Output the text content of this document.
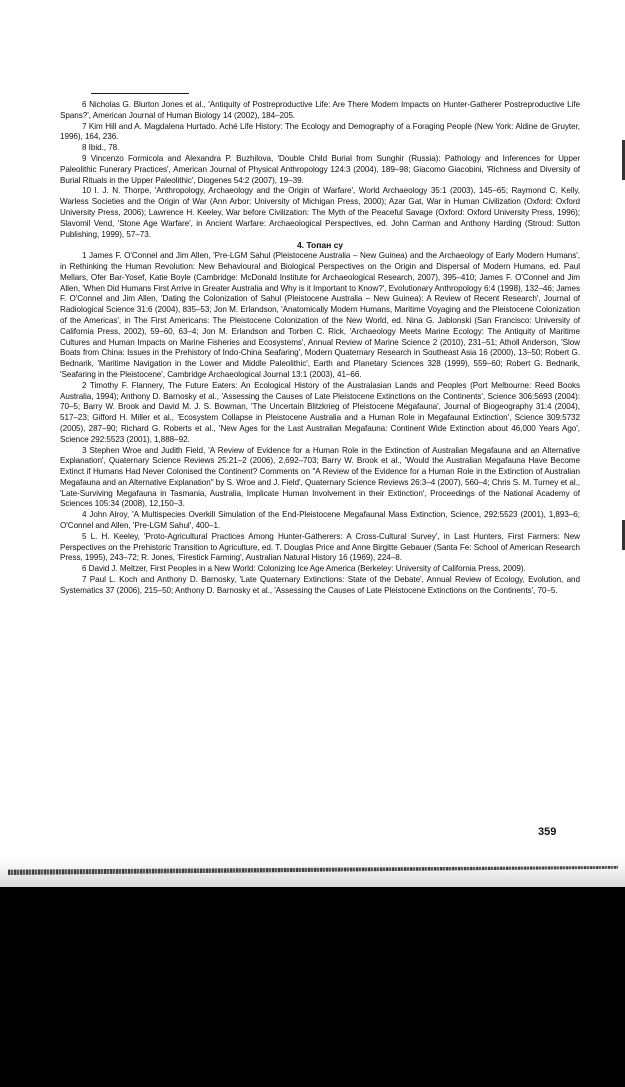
6 Nicholas G. Blurton Jones et al., 'Antiquity of Postreproductive Life: Are There Modern Impacts on Hunter-Gatherer Postreproductive Life Spans?', American Journal of Human Biology 14 (2002), 184–205.

7 Kim Hill and A. Magdalena Hurtado. Aché Life History: The Ecology and Demography of a Foraging People (New York: Aldine de Gruyter, 1996), 164, 236.

8 Ibid., 78.

9 Vincenzo Formicola and Alexandra P. Buzhilova, 'Double Child Burial from Sunghir (Russia): Pathology and Inferences for Upper Paleolithic Funerary Practices', American Journal of Physical Anthropology 124:3 (2004), 189–98; Giacomo Giacobini, 'Richness and Diversity of Burial Rituals in the Upper Paleolithic', Diogenes 54:2 (2007), 19–39.

10 I. J. N. Thorpe, 'Anthropology, Archaeology and the Origin of Warfare', World Archaeology 35:1 (2003), 145–65; Raymond C. Kelly, Warless Societies and the Origin of War (Ann Arbor: University of Michigan Press, 2000); Azar Gat, War in Human Civilization (Oxford: Oxford University Press, 2006); Lawrence H. Keeley, War before Civilization: The Myth of the Peaceful Savage (Oxford: Oxford University Press, 1996); Slavomil Vend, 'Stone Age Warfare', in Ancient Warfare: Archaeological Perspectives, ed. John Carman and Anthony Harding (Stroud: Sutton Publishing, 1999), 57–73.

4. Топан су

1 James F. O'Connel and Jim Allen, 'Pre-LGM Sahul (Pleistocene Australia – New Guinea) and the Archaeology of Early Modern Humans', in Rethinking the Human Revolution: New Behavioural and Biological Perspectives on the Origin and Dispersal of Modern Humans, ed. Paul Mellars, Ofer Bar-Yosef, Katie Boyle (Cambridge: McDonald Institute for Archaeological Research, 2007), 395–410; James F. O'Connel and Jim Allen, 'When Did Humans First Arrive in Greater Australia and Why is it Important to Know?', Evolutionary Anthropology 6:4 (1998), 132–46; James F. O'Connel and Jim Allen, 'Dating the Colonization of Sahul (Pleistocene Australia – New Guinea): A Review of Recent Research', Journal of Radiological Science 31:6 (2004), 835–53; Jon M. Erlandson, 'Anatomically Modern Humans, Maritime Voyaging and the Pleistocene Colonization of the Americas', in The First Americans: The Pleistocene Colonization of the New World, ed. Nina G. Jablonski (San Francisco: University of California Press, 2002), 59–60, 63–4; Jon M. Erlandson and Torben C. Rick, 'Archaeology Meets Marine Ecology: The Antiquity of Maritime Cultures and Human Impacts on Marine Fisheries and Ecosystems', Annual Review of Marine Science 2 (2010), 231–51; Atholl Anderson, 'Slow Boats from China: Issues in the Prehistory of Indo-China Seafaring', Modern Quaternary Research in Southeast Asia 16 (2000), 13–50; Robert G. Bednarik, 'Maritime Navigation in the Lower and Middle Paleolithic', Earth and Planetary Sciences 328 (1999), 559–60; Robert G. Bednarik, 'Seafaring in the Pleistocene', Cambridge Archaeological Journal 13:1 (2003), 41–66.

2 Timothy F. Flannery, The Future Eaters: An Ecological History of the Australasian Lands and Peoples (Port Melbourne: Reed Books Australia, 1994); Anthony D. Barnosky et al., 'Assessing the Causes of Late Pleistocene Extinctions on the Continents', Science 306:5693 (2004): 70–5; Barry W. Brook and David M. J. S. Bowman, 'The Uncertain Blitzkrieg of Pleistocene Megafauna', Journal of Biogeography 31:4 (2004), 517–23; Gifford H. Miller et al., 'Ecosystem Collapse in Pleistocene Australia and a Human Role in Megafaunal Extinction', Science 309:5732 (2005), 287–90; Richard G. Roberts et al., 'New Ages for the Last Australian Megafauna: Continent Wide Extinction about 46,000 Years Ago', Science 292:5523 (2001), 1,888–92.

3 Stephen Wroe and Judith Field, 'A Review of Evidence for a Human Role in the Extinction of Australian Megafauna and an Alternative Explanation', Quaternary Science Reviews 25:21–2 (2006), 2,692–703; Barry W. Brook et al., 'Would the Australian Megafauna Have Become Extinct if Humans Had Never Colonised the Continent? Comments on "A Review of the Evidence for a Human Role in the Extinction of Australian Megafauna and an Alternative Explanation" by S. Wroe and J. Field', Quaternary Science Reviews 26:3–4 (2007), 560–4; Chris S. M. Turney et al., 'Late-Surviving Megafauna in Tasmania, Australia, Implicate Human Involvement in their Extinction', Proceedings of the National Academy of Sciences 105:34 (2008), 12,150–3.

4 John Alroy, 'A Multispecies Overkill Simulation of the End-Pleistocene Megafaunal Mass Extinction, Science, 292:5523 (2001), 1,893–6; O'Connel and Allen, 'Pre-LGM Sahul', 400–1.

5 L. H. Keeley, 'Proto-Agricultural Practices Among Hunter-Gatherers: A Cross-Cultural Survey', in Last Hunters, First Farmers: New Perspectives on the Prehistoric Transition to Agriculture, ed. T. Douglas Price and Anne Birgitte Gebauer (Santa Fe: School of American Research Press, 1995), 243–72; R. Jones, 'Firestick Farming', Australian Natural History 16 (1969), 224–8.

6 David J. Meltzer, First Peoples in a New World: Colonizing Ice Age America (Berkeley: University of California Press, 2009).

7 Paul L. Koch and Anthony D. Barnosky, 'Late Quaternary Extinctions: State of the Debate', Annual Review of Ecology, Evolution, and Systematics 37 (2006), 215–50; Anthony D. Barnosky et al., 'Assessing the Causes of Late Pleistocene Extinctions on the Continents', 70–5.

359
